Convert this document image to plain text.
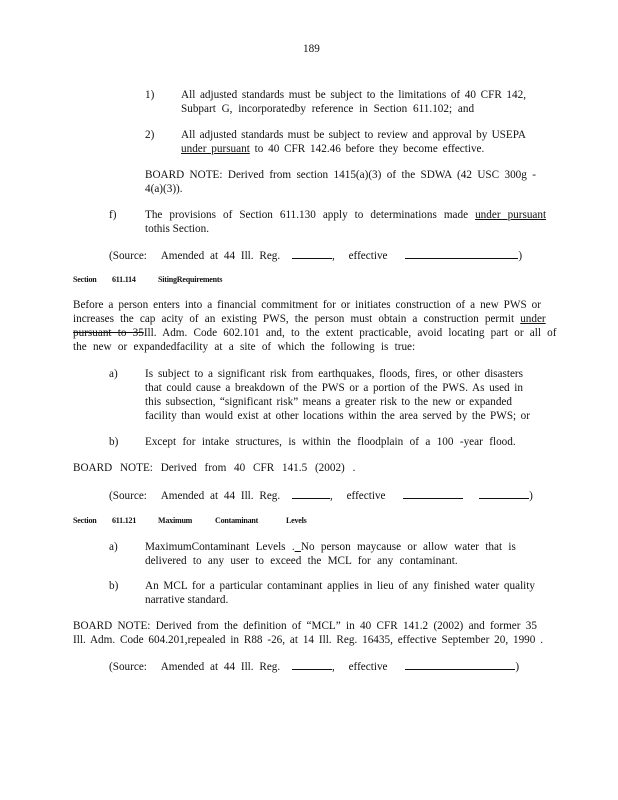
189
1) All adjusted standards must be subject to the limitations of 40 CFR 142,
Subpart G, incorporatedby reference in Section 611.102; and
2) All adjusted standards must be subject to review and approval by USEPA
under pursuant to 40 CFR 142.46 before they become effective.
BOARD NOTE: Derived from section 1415(a)(3) of the SDWA (42 USC 300g -
4(a)(3)).
f)	The provisions of Section 611.130 apply to determinations made under pursuant
tothis Section.
(Source: Amended at 44 Ill. Reg.	, effective	)
Section 611.114	SitingRequirements
Before a person enters into a financial commitment for or initiates construction of a new PWS or
increases the cap acity of an existing PWS, the person must obtain a construction permit under
pursuant to 35Ill. Adm. Code 602.101 and, to the extent practicable, avoid locating part or all of
the new or expandedfacility at a site of which the following is true:
a) Is subject to a significant risk from earthquakes, floods, fires, or other disasters
that could cause a breakdown of the PWS or a portion of the PWS. As used in
this subsection, “significant risk” means a greater risk to the new or expanded
facility than would exist at other locations within the area served by the PWS; or
b) Except for intake structures, is within the floodplain of a 100 -year flood.
BOARD NOTE: Derived from 40 CFR 141.5 (2002) .
(Source: Amended at 44 Ill. Reg.	, effective	)
Section 611.121	Maximum	Contaminant	Levels
a) MaximumContaminant Levels . No person maycause or allow water that is
delivered to any user to exceed the MCL for any contaminant.
b) An MCL for a particular contaminant applies in lieu of any finished water quality
narrative standard.
BOARD NOTE: Derived from the definition of “MCL” in 40 CFR 141.2 (2002) and former 35
Ill. Adm. Code 604.201,repealed in R88 -26, at 14 Ill. Reg. 16435, effective September 20, 1990 .
(Source: Amended at 44 Ill. Reg.	, effective	)
